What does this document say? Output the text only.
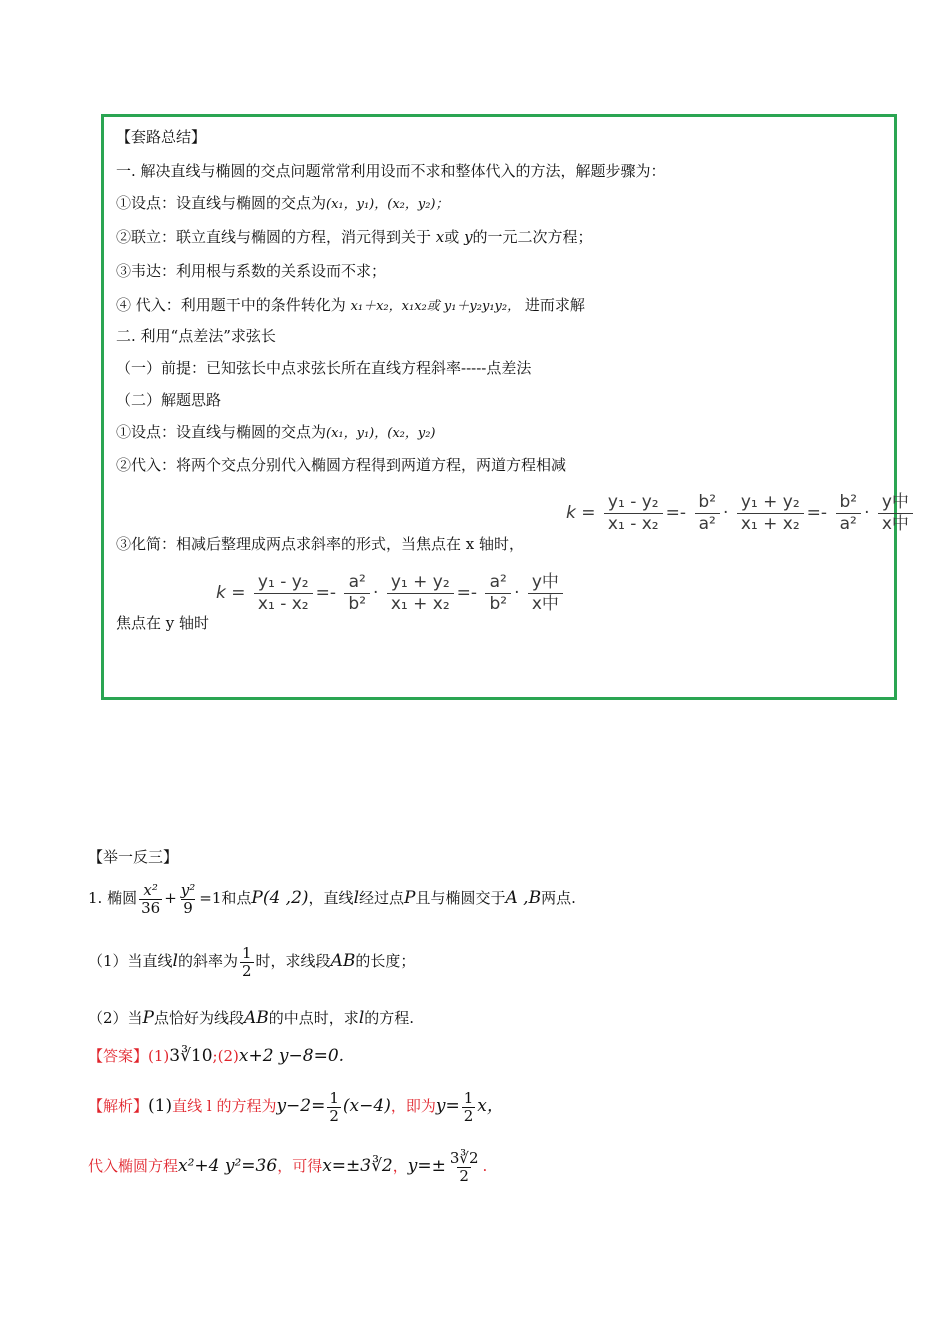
【套路总结】
一. 解决直线与椭圆的交点问题常常利用设而不求和整体代入的方法，解题步骤为：
①设点：设直线与椭圆的交点为(x₁，y₁)，(x₂，y₂)；
②联立：联立直线与椭圆的方程，消元得到关于 x或 y的一元二次方程；
③韦达：利用根与系数的关系设而不求；
④ 代入：利用题干中的条件转化为 x₁＋x₂，x₁x₂或 y₁＋y₂y₁y₂， 进而求解
二. 利用“点差法”求弦长
（一）前提：已知弦长中点求弦长所在直线方程斜率-----点差法
（二）解题思路
①设点：设直线与椭圆的交点为(x₁，y₁)，(x₂，y₂)
②代入：将两个交点分别代入椭圆方程得到两道方程，两道方程相减
③化简：相减后整理成两点求斜率的形式，当焦点在 x 轴时，
焦点在 y 轴时
$k = \frac{\text{y₁ - y₂}}{\text{x₁ - x₂}} =- \frac{\text{b²}}{\text{a²}} \cdot \frac{\text{y₁ + y₂}}{\text{x₁ + x₂}} =- \frac{\text{b²}}{\text{a²}} \cdot \frac{\text{y中}}{\text{x中}}$
$k = \frac{\text{y₁ - y₂}}{\text{x₁ - x₂}} =- \frac{\text{a²}}{\text{b²}} \cdot \frac{\text{y₁ + y₂}}{\text{x₁ + x₂}} =- \frac{\text{a²}}{\text{b²}} \cdot \frac{\text{y中}}{\text{x中}}$
【举一反三】
1. 椭圆 $\frac{\text{x²}}{36} + \frac{\text{y²}}{9} =1$和点P(4 ,2)，直线l经过点P且与椭圆交于A ,B两点.
（1）当直线l的斜率为 $\frac{1}{2}$ 时，求线段AB的长度；
（2）当P点恰好为线段AB的中点时，求l的方程.
【答案】(1)3∛10;(2)x+2 y−8=0.
【解析】(1)直线 l 的方程为$y-2= \frac{1}{2} (x-4)$，即为$y= \frac{1}{2}$ x，
代入椭圆方程x²+4 y²=36，可得x=±3∛2，$y=\pm \frac{3∛2}{2}$ .
